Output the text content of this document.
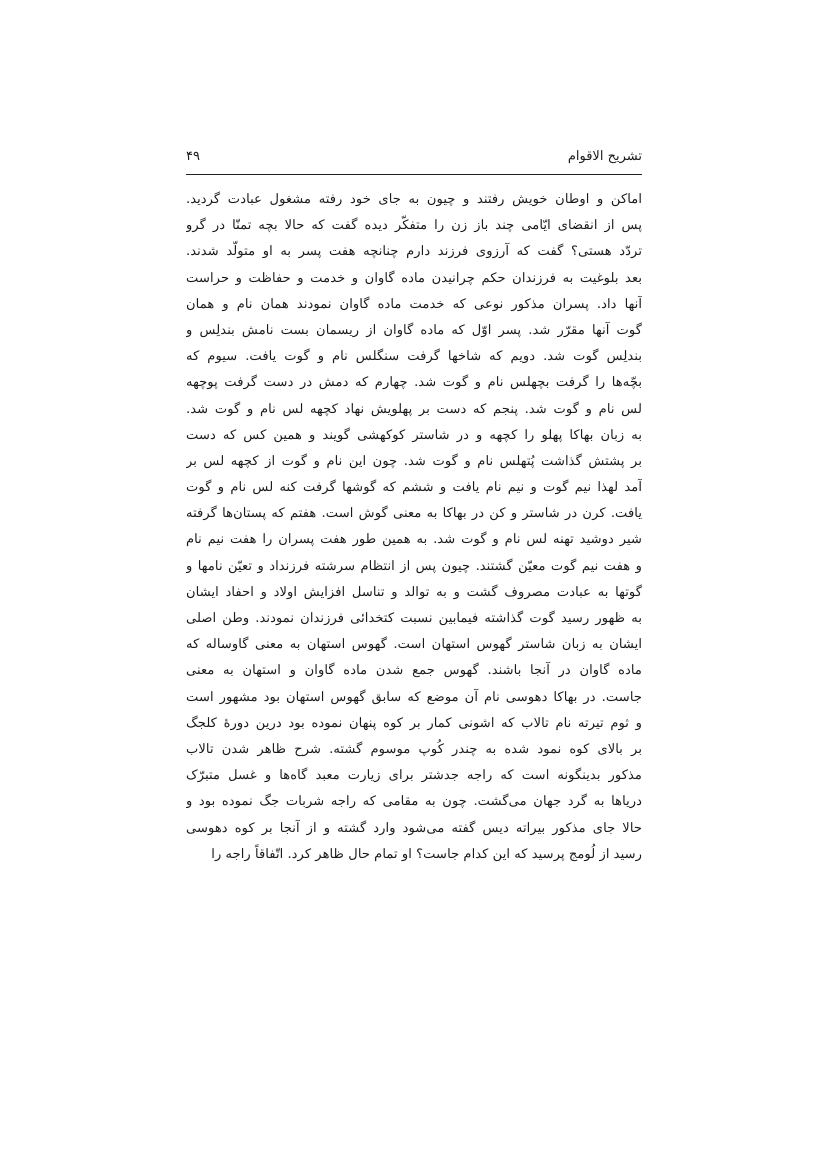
تشریح الاقوام
۴۹
اماکن و اوطان خویش رفتند و چیون به جای خود رفته مشغول عبادت گردید.
پس از انقضای ایّامی چند باز زن را متفکّر دیده گفت که حالا بچه تمنّا در گرو
تردّد هستی؟ گفت که آرزوی فرزند دارم چنانچه هفت پسر به او متولّد شدند.
بعد بلوغیت به فرزندان حکم چرانیدن ماده گاوان و خدمت و حفاظت و حراست
آنها داد. پسران مذکور نوعی که خدمت ماده گاوان نمودند همان نام و همان
گوت آنها مقرّر شد. پسر اوّل که ماده گاوان از ریسمان بست نامش بندلِس و
بندلِس گوت شد. دویم که شاخها گرفت سنگلس نام و گوت یافت. سیوم که
بچّه‌ها را گرفت بچهلس نام و گوت شد. چهارم که دمش در دست گرفت پوچهه
لس نام و گوت شد. پنجم که دست بر پهلویش نهاد کچهه لس نام و گوت شد.
به زبان بهاکا پهلو را کچهه و در شاستر کوکهشی گویند و همین کس که دست
بر پشتش گذاشت پُتهلس نام و گوت شد. چون این نام و گوت از کچهه لس بر
آمد لهذا نیم گوت و نیم نام یافت و ششم که گوشها گرفت کنه لس نام و گوت
یافت. کرن در شاستر و کن در بهاکا به معنی گوش است. هفتم که پستان‌ها گرفته
شیر دوشید تهنه لس نام و گوت شد. به همین طور هفت پسران را هفت نیم نام
و هفت نیم گوت معیّن گشتند. چیون پس از انتظام سرشته فرزنداد و تعیّن نامها و
گوتها به عبادت مصروف گشت و به توالد و تناسل افزایش اولاد و احفاد ایشان
به ظهور رسید گوت گذاشته فیمابین نسبت کتخدائی فرزندان نمودند. وطن اصلی
ایشان به زبان شاستر گهوس استهان است. گهوس استهان به معنی گاوساله که
ماده گاوان در آنجا باشند. گهوس جمع شدن ماده گاوان و استهان به معنی
جاست. در بهاکا دهوسی نام آن موضع که سابق گهوس استهان بود مشهور است
و ثوم تیرته نام تالاب که اشونی کمار بر کوه پنهان نموده بود درین دورهٔ کلجگ
بر بالای کوه نمود شده به چندر کُوپ موسوم گشته. شرح ظاهر شدن تالاب
مذکور بدینگونه است که راجه جدشتر برای زیارت معبد گاه‌ها و غسل متبرّک
دریاها به گرد جهان می‌گشت. چون به مقامی که راجه شربات جگ نموده بود و
حالا جای مذکور بیراته دیس گفته می‌شود وارد گشته و از آنجا بر کوه دهوسی
رسید از لُومج پرسید که این کدام جاست؟ او تمام حال ظاهر کرد. اتّفاقاً راجه را
